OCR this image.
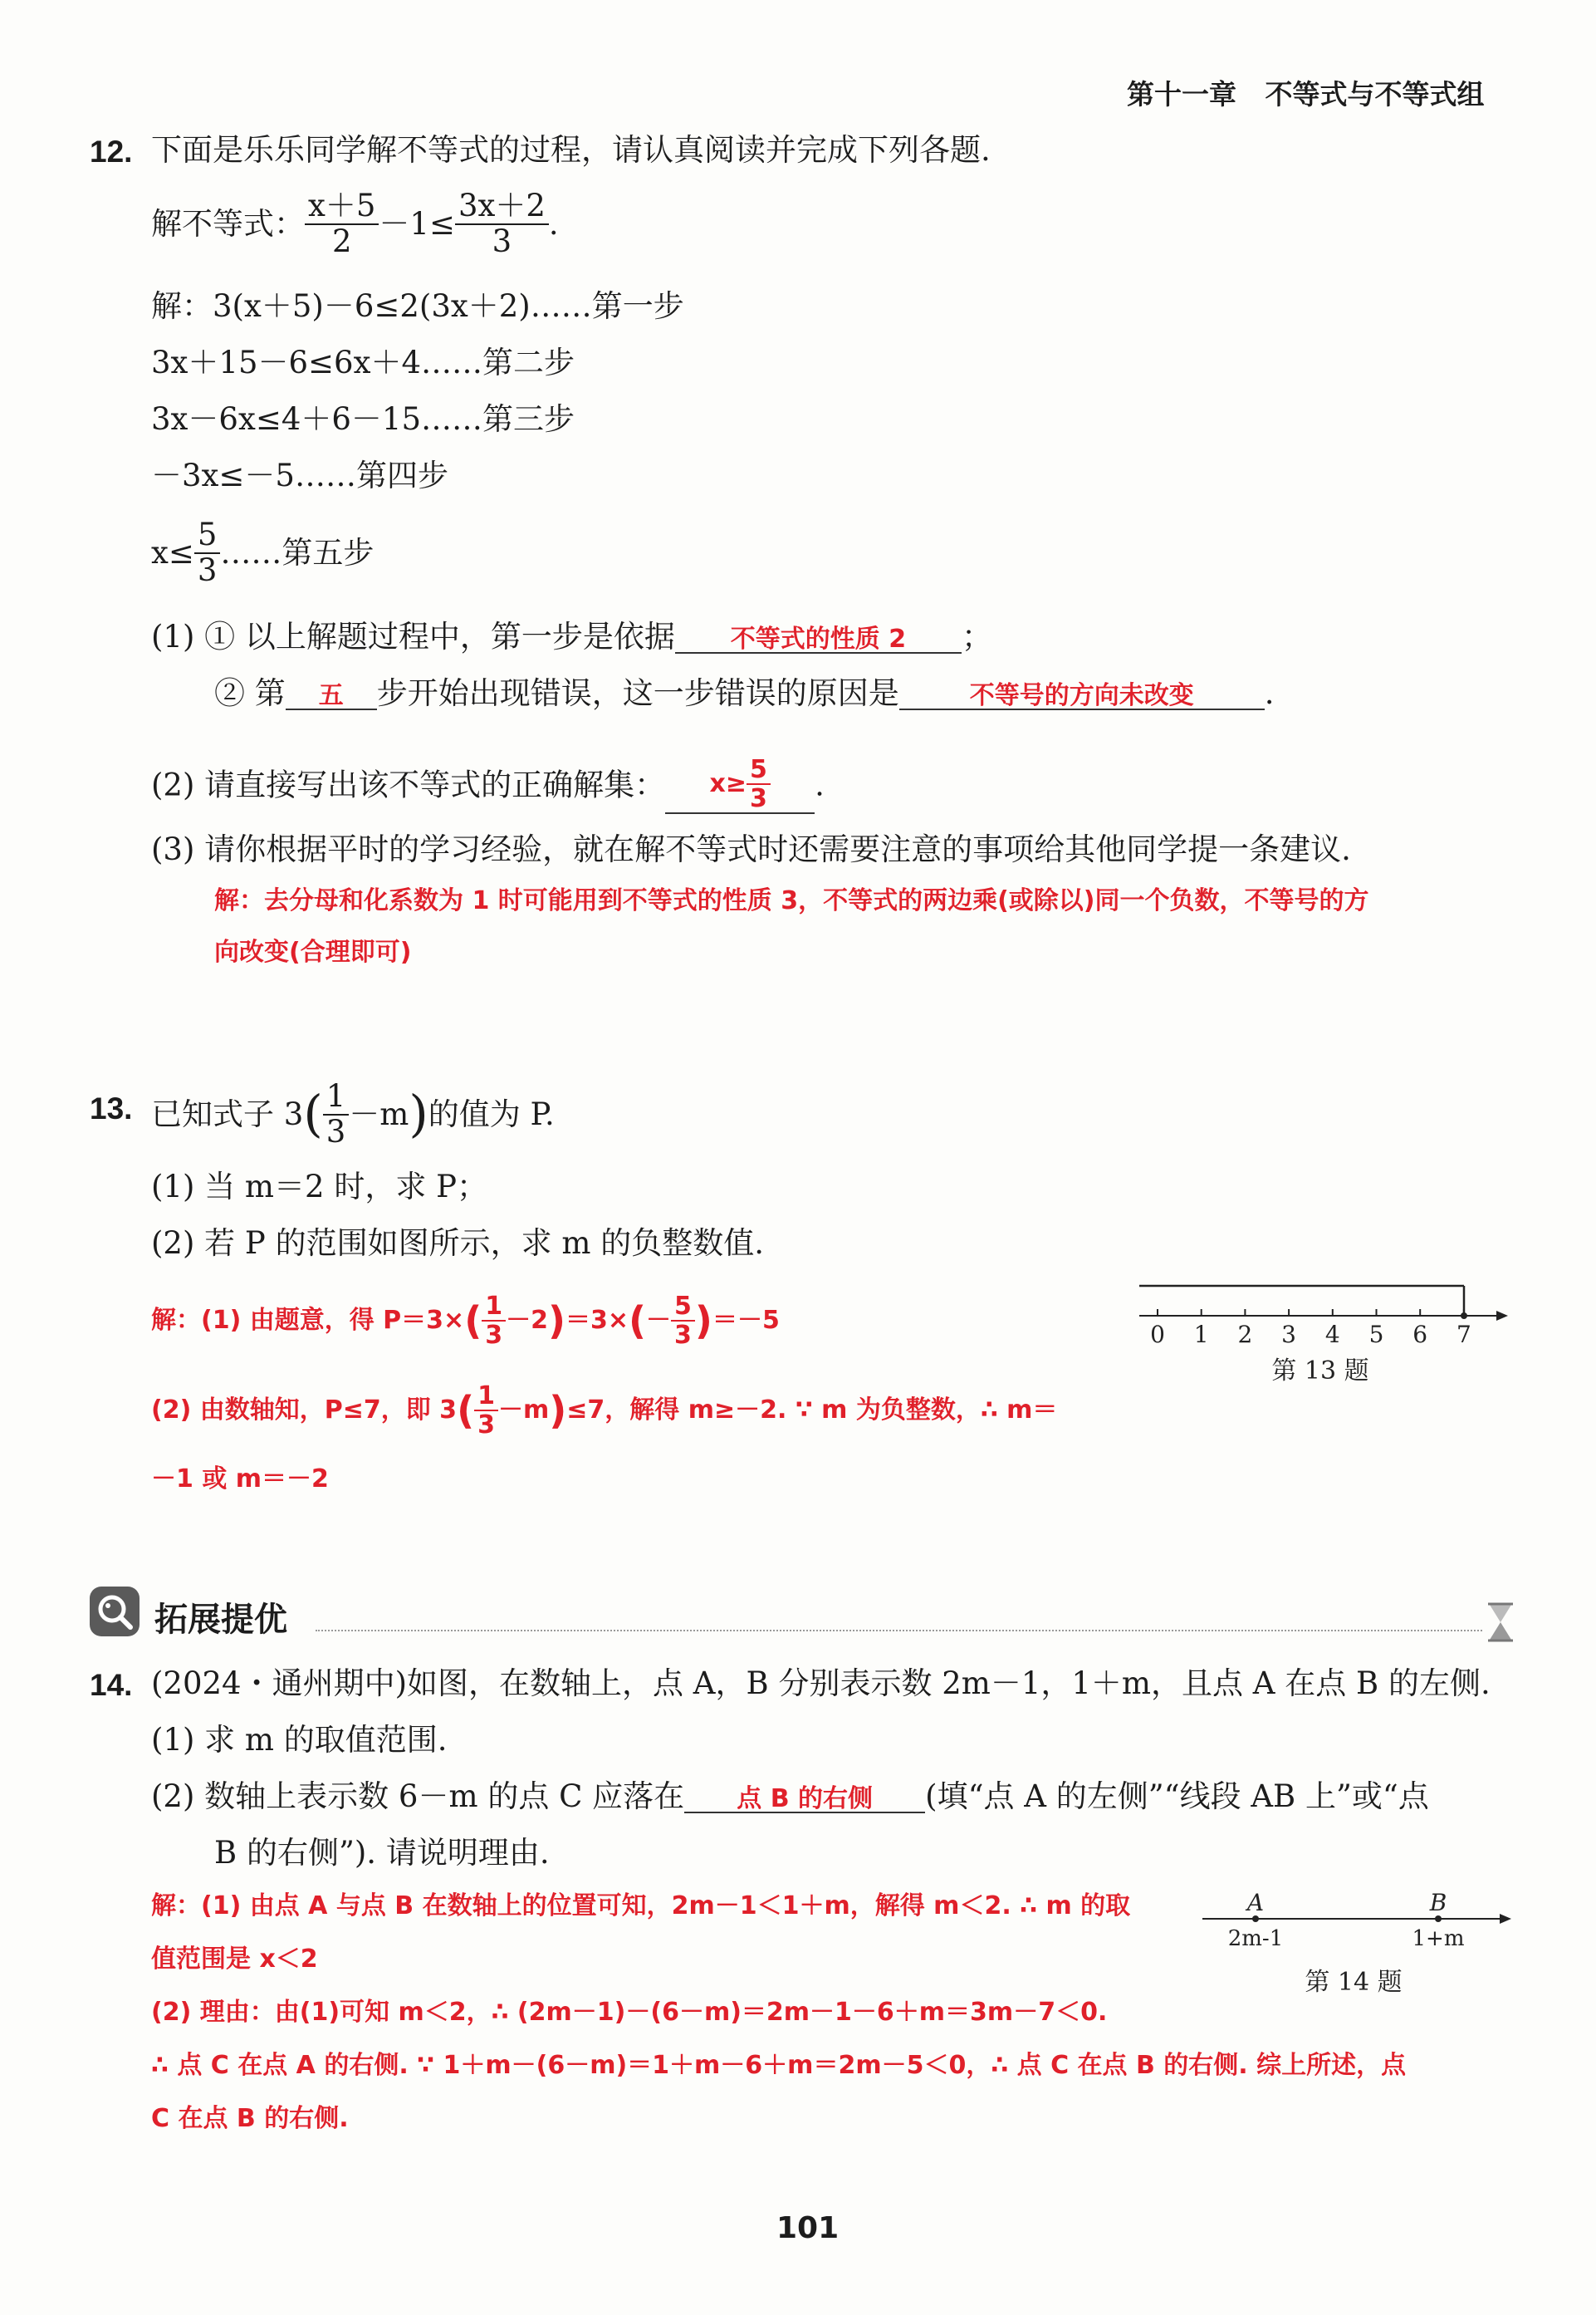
第十一章 不等式与不等式组
12. 下面是乐乐同学解不等式的过程，请认真阅读并完成下列各题.
解不等式： $\frac{x+5}{2} -1\le \frac{3x+2}{3}$ .
解：3(x＋5)－6≤2(3x＋2)……第一步
3x＋15－6≤6x＋4……第二步
3x－6x≤4＋6－15……第三步
－3x≤－5……第四步
$x\le \frac{5}{3}$ ……第五步
(1) ① 以上解题过程中，第一步是依据 不等式的性质 2 ；
② 第 五 步开始出现错误，这一步错误的原因是	不等号的方向未改变 .
(2) 请直接写出该不等式的正确解集： $x\ge \frac{5}{3}$ .
(3) 请你根据平时的学习经验，就在解不等式时还需要注意的事项给其他同学提一条建议.
解：去分母和化系数为 1 时可能用到不等式的性质 3，不等式的两边乘(或除以)同一个负数，不等号的方
向改变(合理即可)
13. 已知式子 $3( \frac{1}{3} -m)$的值为 P.
(1) 当 m＝2 时，求 P；
(2) 若 P 的范围如图所示，求 m 的负整数值.
解：(1) 由题意，得 $P=3\times( \frac{1}{3} -2)=3\times(- \frac{5}{3} )=-5$
(2) 由数轴知，P≤7，即 $3( \frac{1}{3} -m)\le 7$，解得 m≥－2. ∵ m 为负整数，∴ m＝
－1 或 m＝－2
0 1 2 3 4 5 6 7
第 13 题
拓展提优
14. (2024・通州期中)如图，在数轴上，点 A，B 分别表示数 2m－1，1＋m，且点 A 在点 B 的左侧.
(1) 求 m 的取值范围.
(2) 数轴上表示数 6－m 的点 C 应落在 点 B 的右侧 (填“点 A 的左侧”“线段 AB 上”或“点
B 的右侧”). 请说明理由.
解：(1) 由点 A 与点 B 在数轴上的位置可知，2m－1＜1＋m，解得 m＜2. ∴ m 的取
值范围是 x＜2
(2) 理由：由(1)可知 m＜2，∴ (2m－1)－(6－m)＝2m－1－6＋m＝3m－7＜0.
∴ 点 C 在点 A 的右侧. ∵ 1＋m－(6－m)＝1＋m－6＋m＝2m－5＜0，∴ 点 C 在点 B 的右侧. 综上所述，点
C 在点 B 的右侧.
A	B
2m-1	1+m
第 14 题
101
